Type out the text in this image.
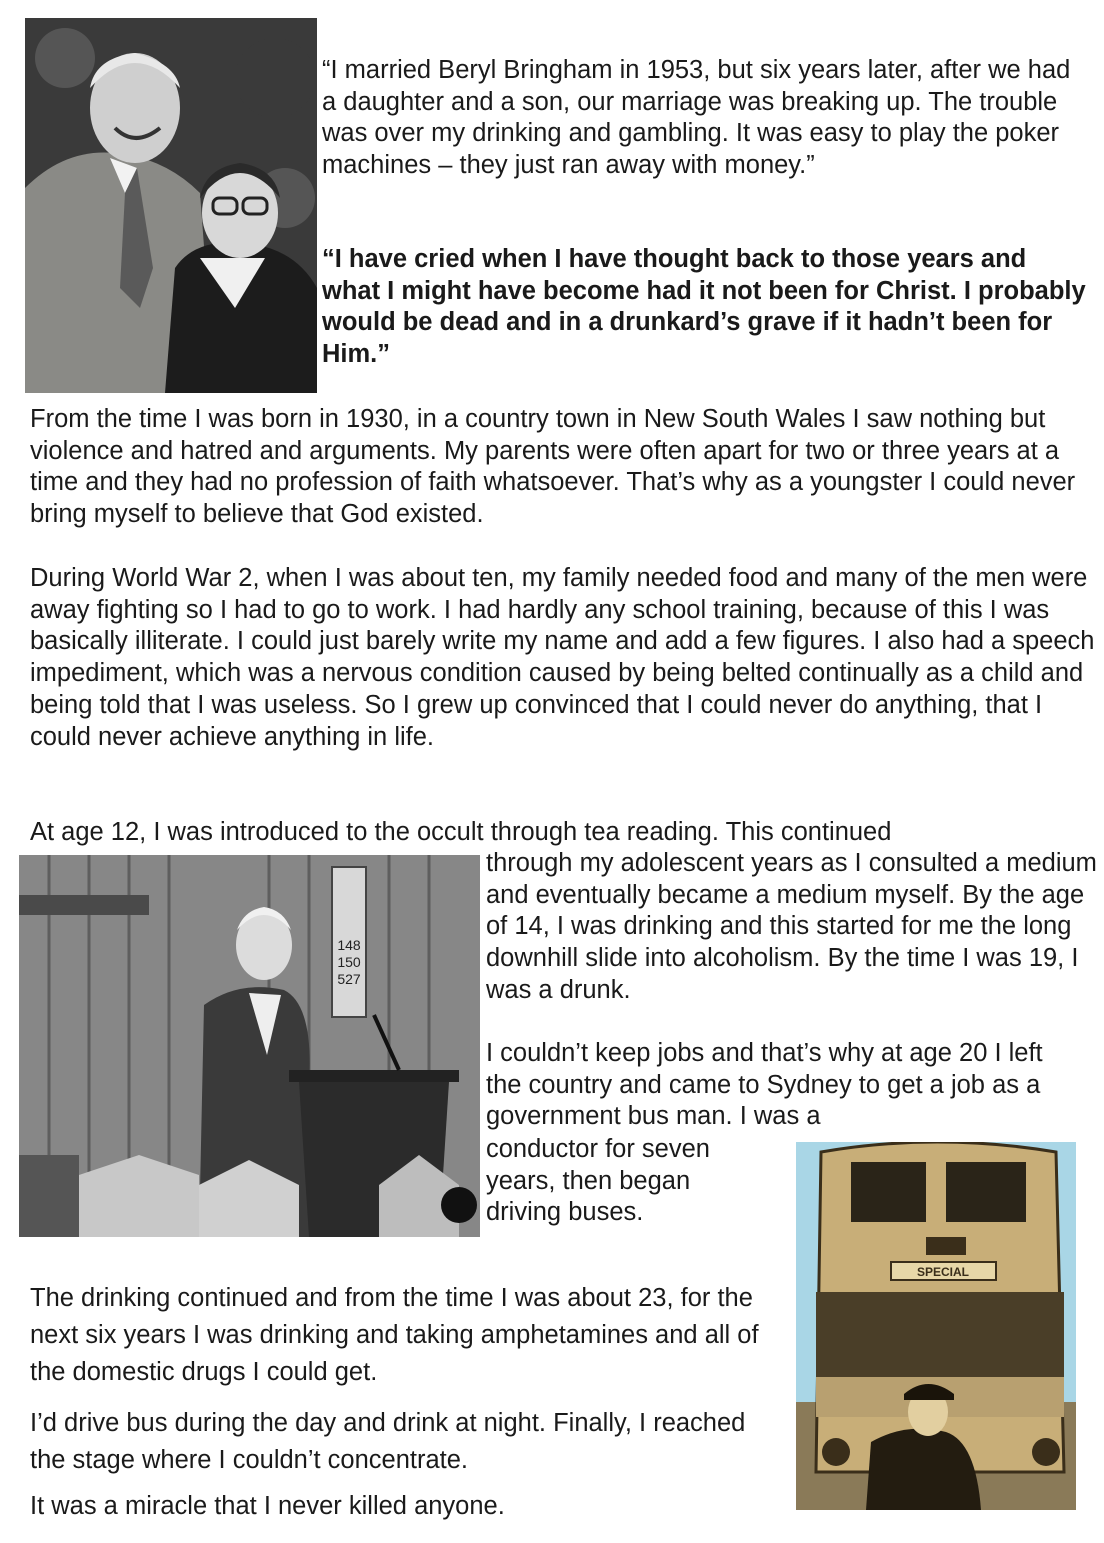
“I married Beryl Bringham in 1953, but six years later, after we had a daughter and a son, our marriage was breaking up. The trouble was over my drinking and gambling. It was easy to play the poker machines – they just ran away with money.”

“I have cried when I have thought back to those years and what I might have become had it not been for Christ. I probably would be dead and in a drunkard’s grave if it hadn’t been for Him.”

From the time I was born in 1930, in a country town in New South Wales I saw nothing but violence and hatred and arguments. My parents were often apart for two or three years at a time and they had no profession of faith whatsoever. That’s why as a youngster I could never bring myself to believe that God existed.

During World War 2, when I was about ten, my family needed food and many of the men were away fighting so I had to go to work. I had hardly any school training, because of this I was basically illiterate. I could just barely write my name and add a few figures. I also had a speech impediment, which was a nervous condition caused by being belted continually as a child and being told that I was useless. So I grew up convinced that I could never do anything, that I could never achieve anything in life.

At age 12, I was introduced to the occult through tea reading. This continued

148
150
527

through my adolescent years as I consulted a medium and eventually became a medium myself. By the age of 14, I was drinking and this started for me the long downhill slide into alcoholism. By the time I was 19, I was a drunk.

I couldn’t keep jobs and that’s why at age 20 I left the country and came to Sydney to get a job as a government bus man. I was a

conductor for seven years, then began driving buses.

SPECIAL

The drinking continued and from the time I was about 23, for the next six years I was drinking and taking amphetamines and all of the domestic drugs I could get.

I’d drive bus during the day and drink at night. Finally, I reached the stage where I couldn’t concentrate.

It was a miracle that I never killed anyone.
